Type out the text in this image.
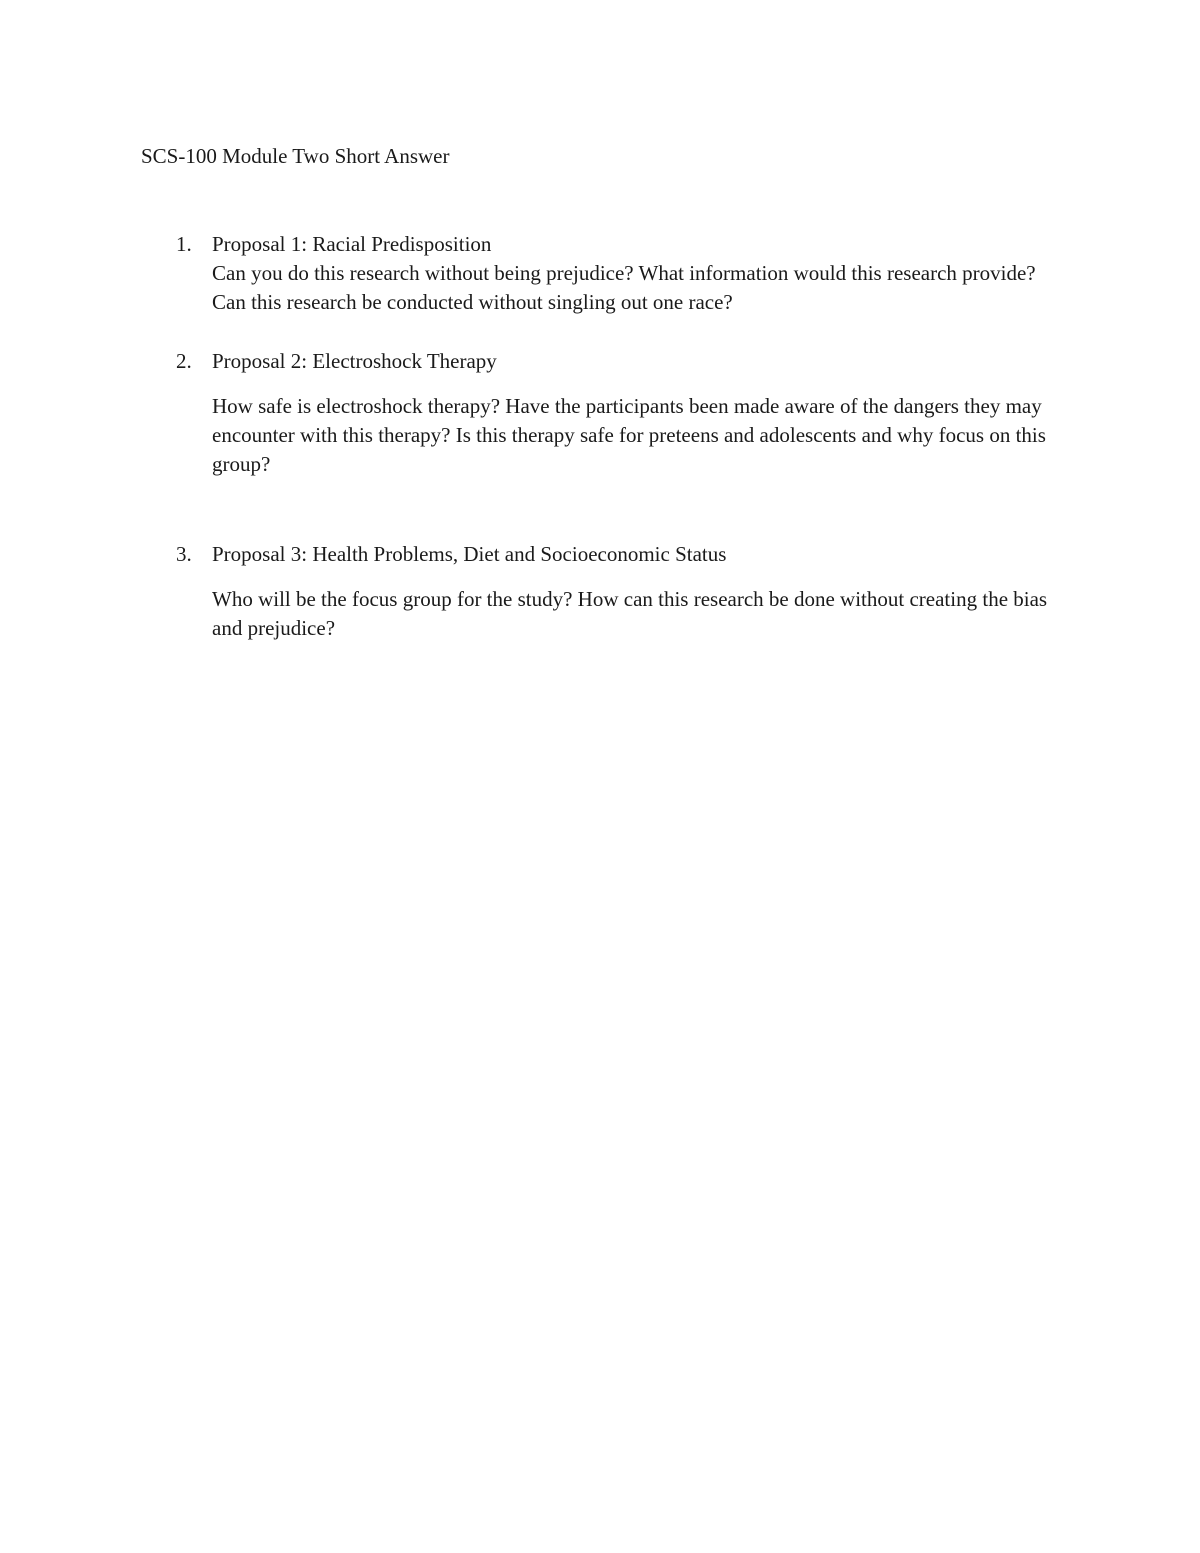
SCS-100 Module Two Short Answer
1. Proposal 1: Racial Predisposition

Can you do this research without being prejudice? What information would this research provide? Can this research be conducted without singling out one race?

2. Proposal 2: Electroshock Therapy

How safe is electroshock therapy? Have the participants been made aware of the dangers they may encounter with this therapy? Is this therapy safe for preteens and adolescents and why focus on this group?

3. Proposal 3: Health Problems, Diet and Socioeconomic Status

Who will be the focus group for the study? How can this research be done without creating the bias and prejudice?
